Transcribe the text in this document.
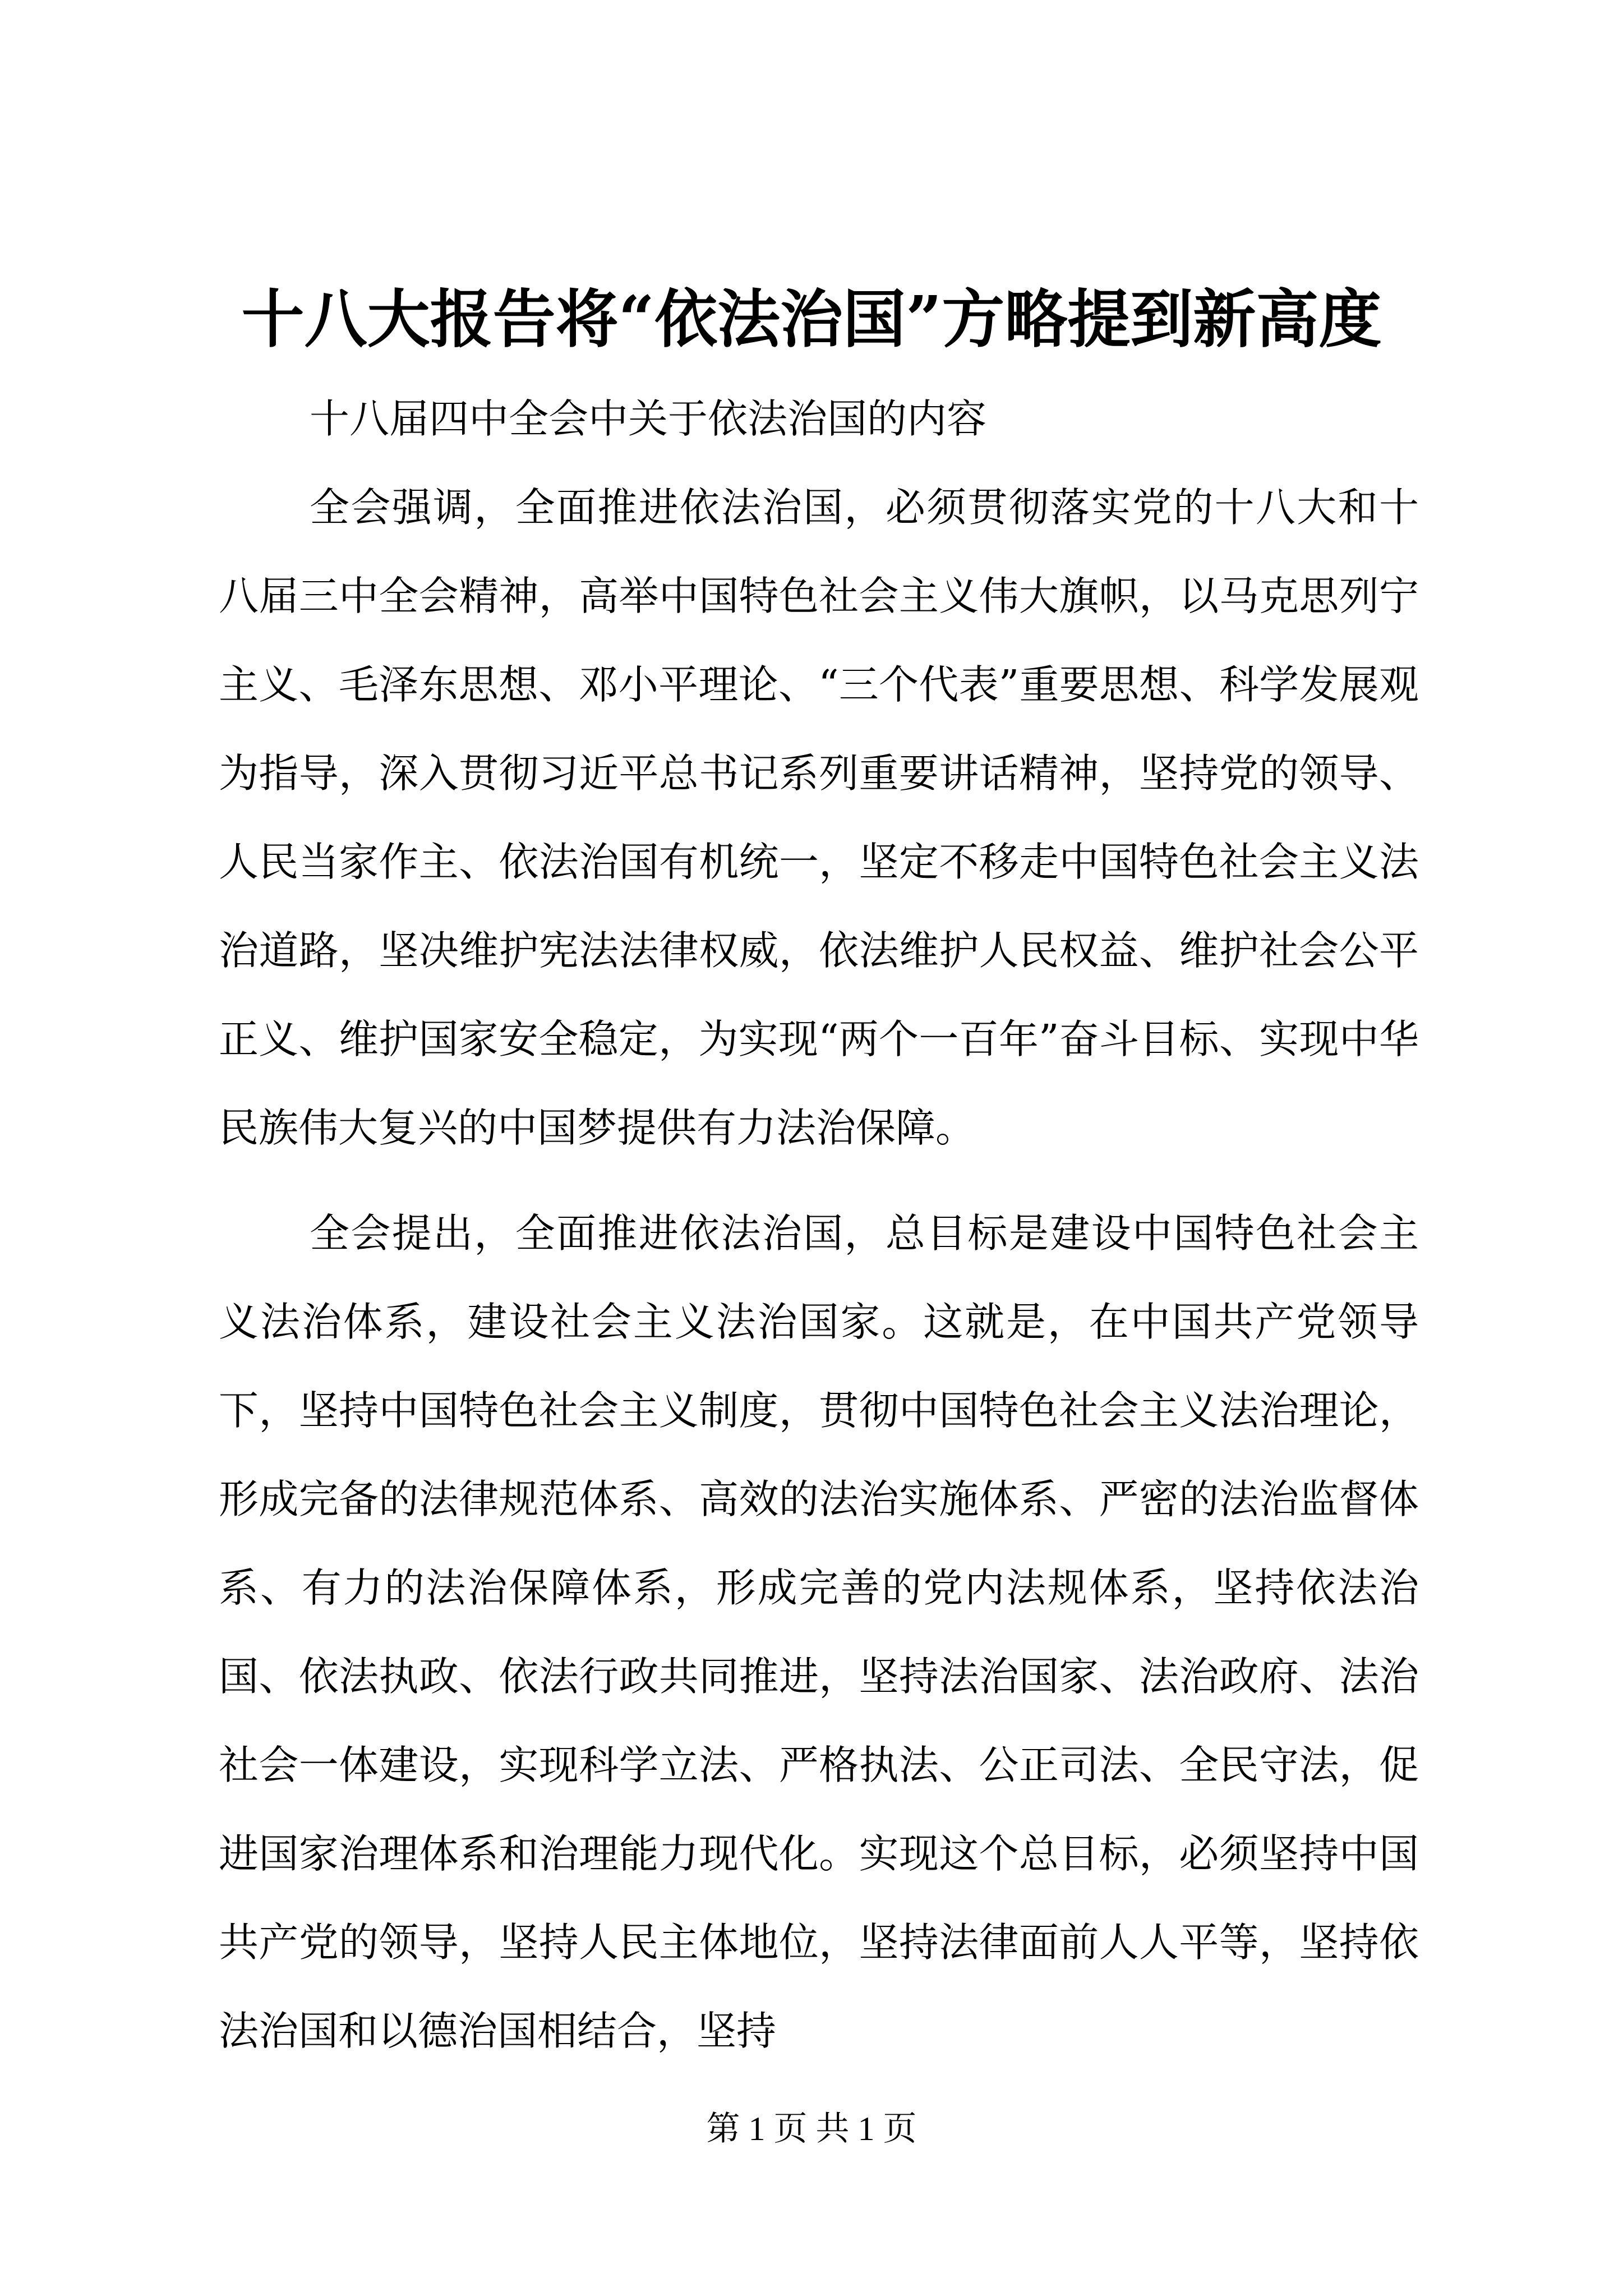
十八大报告将“依法治国”方略提到新高度

十八届四中全会中关于依法治国的内容

全会强调，全面推进依法治国，必须贯彻落实党的十八大和十八届三中全会精神，高举中国特色社会主义伟大旗帜，以马克思列宁主义、毛泽东思想、邓小平理论、“三个代表”重要思想、科学发展观为指导，深入贯彻习近平总书记系列重要讲话精神，坚持党的领导、人民当家作主、依法治国有机统一，坚定不移走中国特色社会主义法治道路，坚决维护宪法法律权威，依法维护人民权益、维护社会公平正义、维护国家安全稳定，为实现“两个一百年”奋斗目标、实现中华民族伟大复兴的中国梦提供有力法治保障。

全会提出，全面推进依法治国，总目标是建设中国特色社会主义法治体系，建设社会主义法治国家。这就是，在中国共产党领导下，坚持中国特色社会主义制度，贯彻中国特色社会主义法治理论，形成完备的法律规范体系、高效的法治实施体系、严密的法治监督体系、有力的法治保障体系，形成完善的党内法规体系，坚持依法治国、依法执政、依法行政共同推进，坚持法治国家、法治政府、法治社会一体建设，实现科学立法、严格执法、公正司法、全民守法，促进国家治理体系和治理能力现代化。实现这个总目标，必须坚持中国共产党的领导，坚持人民主体地位，坚持法律面前人人平等，坚持依法治国和以德治国相结合，坚持

第 1 页 共 1 页
